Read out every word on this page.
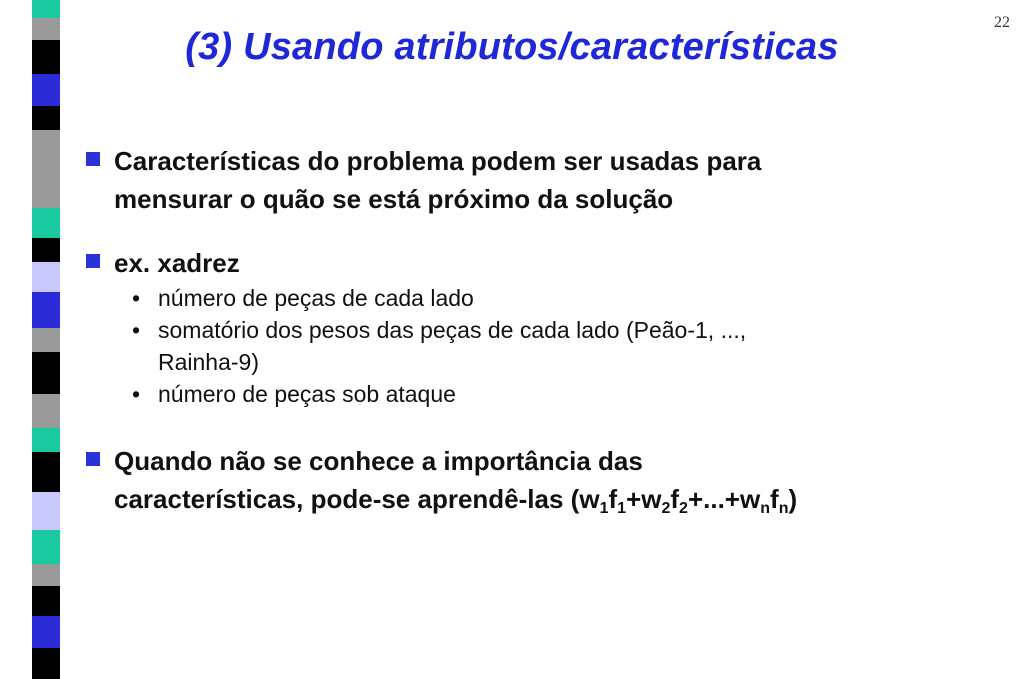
22
(3) Usando atributos/características
Características do problema podem ser usadas para
mensurar o quão se está próximo da solução
ex. xadrez
• número de peças de cada lado
• somatório dos pesos das peças de cada lado (Peão-1, ...,
Rainha-9)
• número de peças sob ataque
Quando não se conhece a importância das
características, pode-se aprendê-las $(w_1f_1+w_2f_2+...+w_nf_n)$
